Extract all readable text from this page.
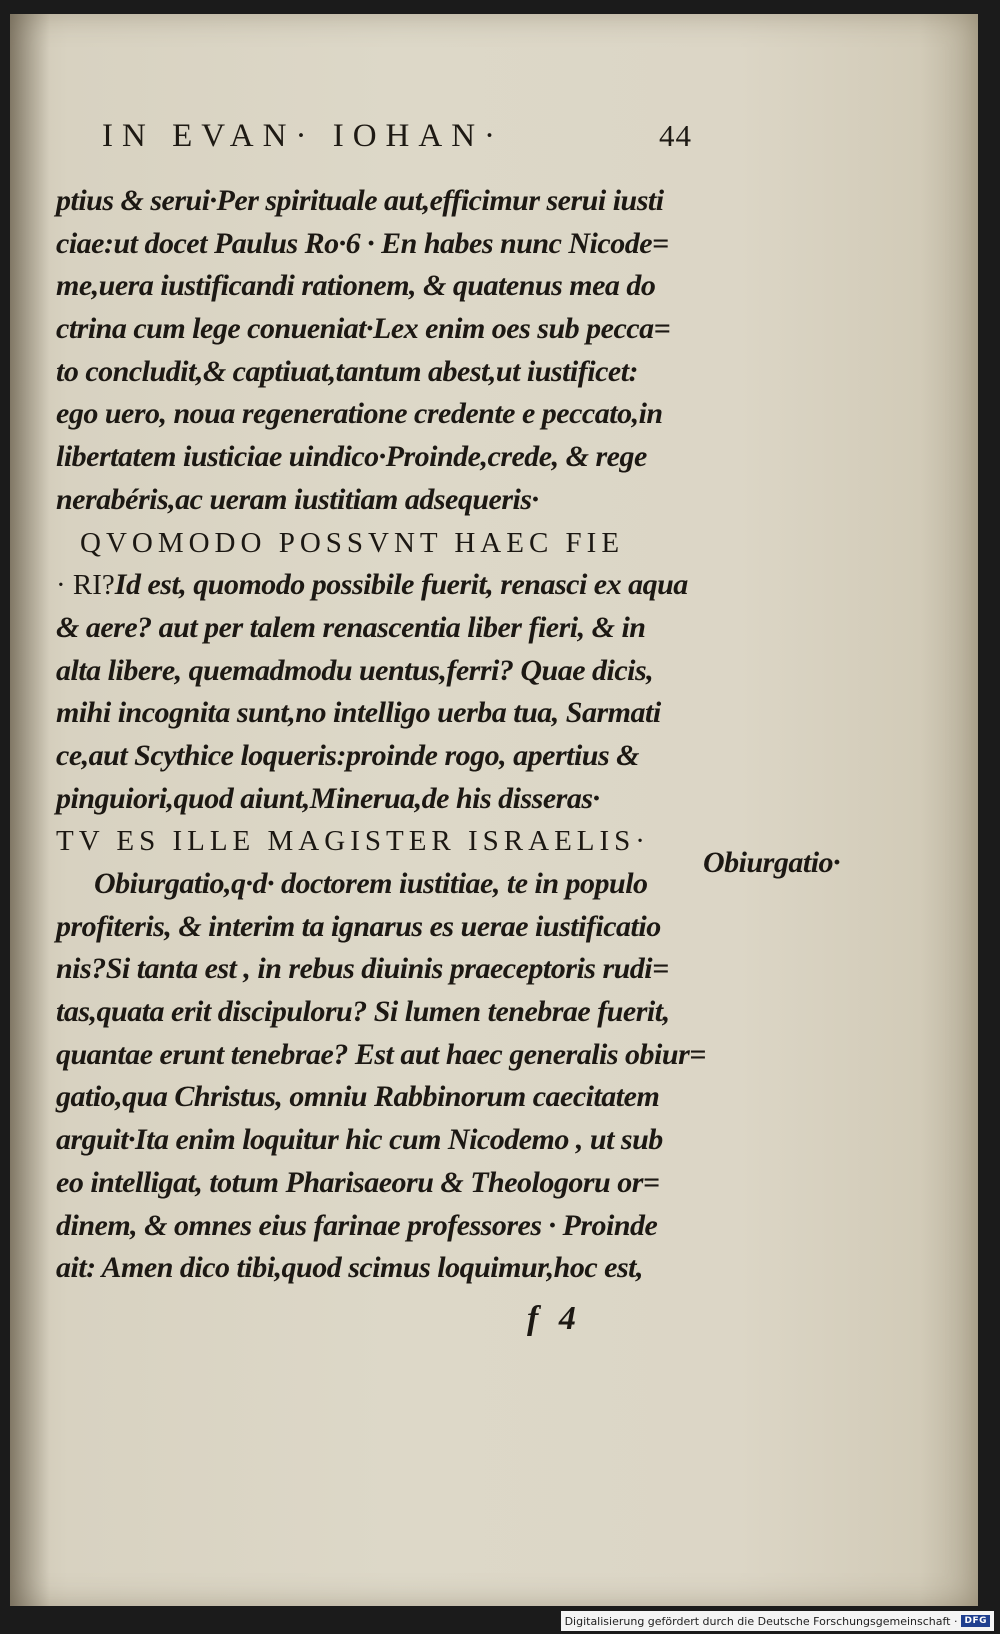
IN EVAN· IOHAN·	44
ptius & serui·Per spirituale aut,efficimur serui iusti
ciae:ut docet Paulus Ro·6 · En habes nunc Nicode=
me,uera iustificandi rationem, & quatenus mea do
ctrina cum lege conueniat·Lex enim oes sub pecca=
to concludit,& captiuat,tantum abest,ut iustificet:
ego uero, noua regeneratione credente e peccato,in
libertatem iusticiae uindico·Proinde,crede, & rege
nerabéris,ac ueram iustitiam adsequeris·
QVOMODO POSSVNT HAEC FIE
· RI?Id est, quomodo possibile fuerit, renasci ex aqua
& aere? aut per talem renascentia liber fieri, & in
alta libere, quemadmodu uentus,ferri? Quae dicis,
mihi incognita sunt,no intelligo uerba tua, Sarmati
ce,aut Scythice loqueris:proinde rogo, apertius &
pinguiori,quod aiunt,Minerua,de his disseras·
TV ES ILLE MAGISTER ISRAELIS·
Obiurgatio,q·d· doctorem iustitiae, te in populo
profiteris, & interim ta ignarus es uerae iustificatio
nis?Si tanta est , in rebus diuinis praeceptoris rudi=
tas,quata erit discipuloru? Si lumen tenebrae fuerit,
quantae erunt tenebrae? Est aut haec generalis obiur=
gatio,qua Christus, omniu Rabbinorum caecitatem
arguit·Ita enim loquitur hic cum Nicodemo , ut sub
eo intelligat, totum Pharisaeoru & Theologoru or=
dinem, & omnes eius farinae professores · Proinde
ait: Amen dico tibi,quod scimus loquimur,hoc est,
Obiurgatio·
f 4
Digitalisierung gefördert durch die Deutsche Forschungsgemeinschaft · DFG
